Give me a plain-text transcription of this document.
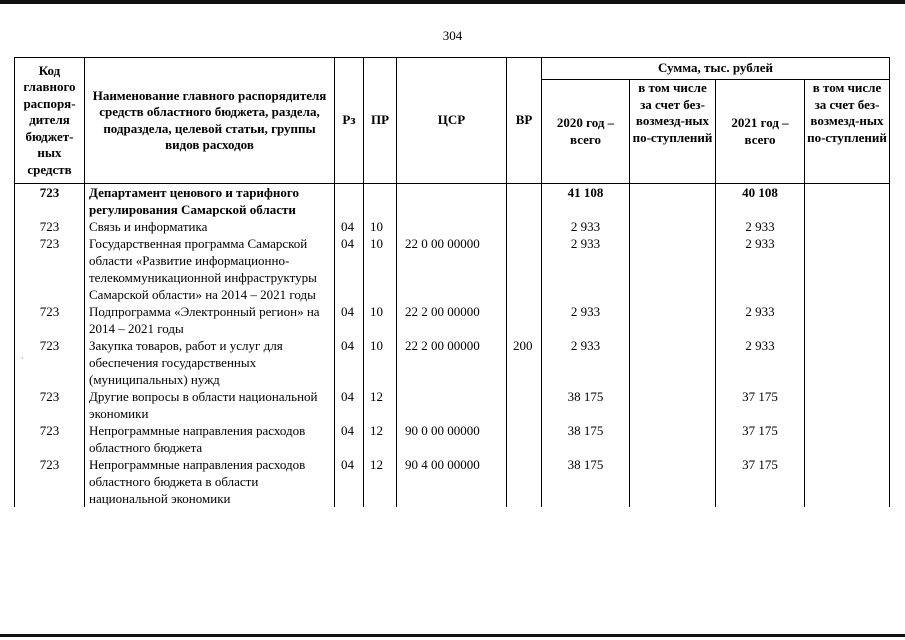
304
·
Код главного распоря-дителя бюджет-ных средств	Наименование главного распорядителя средств областного бюджета, раздела, подраздела, целевой статьи, группы видов расходов	Рз	ПР	ЦСР	ВР	Сумма, тыс. рублей			
						2020 год – всего	в том числе за счет без-возмезд-ных по-ступлений	2021 год – всего	в том числе за счет без-возмезд-ных по-ступлений
723	Департамент ценового и тарифного регулирования Самарской области					41 108		40 108	
723	Связь и информатика	04	10			2 933		2 933	
723	Государственная программа Самарской области «Развитие информационно-телекоммуникационной инфраструктуры Самарской области» на 2014 – 2021 годы	04	10	22 0 00 00000		2 933		2 933	
723	Подпрограмма «Электронный регион» на 2014 – 2021 годы	04	10	22 2 00 00000		2 933		2 933	
723	Закупка товаров, работ и услуг для обеспечения государственных (муниципальных) нужд	04	10	22 2 00 00000	200	2 933		2 933	
723	Другие вопросы в области национальной экономики	04	12			38 175		37 175	
723	Непрограммные направления расходов областного бюджета	04	12	90 0 00 00000		38 175		37 175	
723	Непрограммные направления расходов областного бюджета в области национальной экономики	04	12	90 4 00 00000		38 175		37 175	
